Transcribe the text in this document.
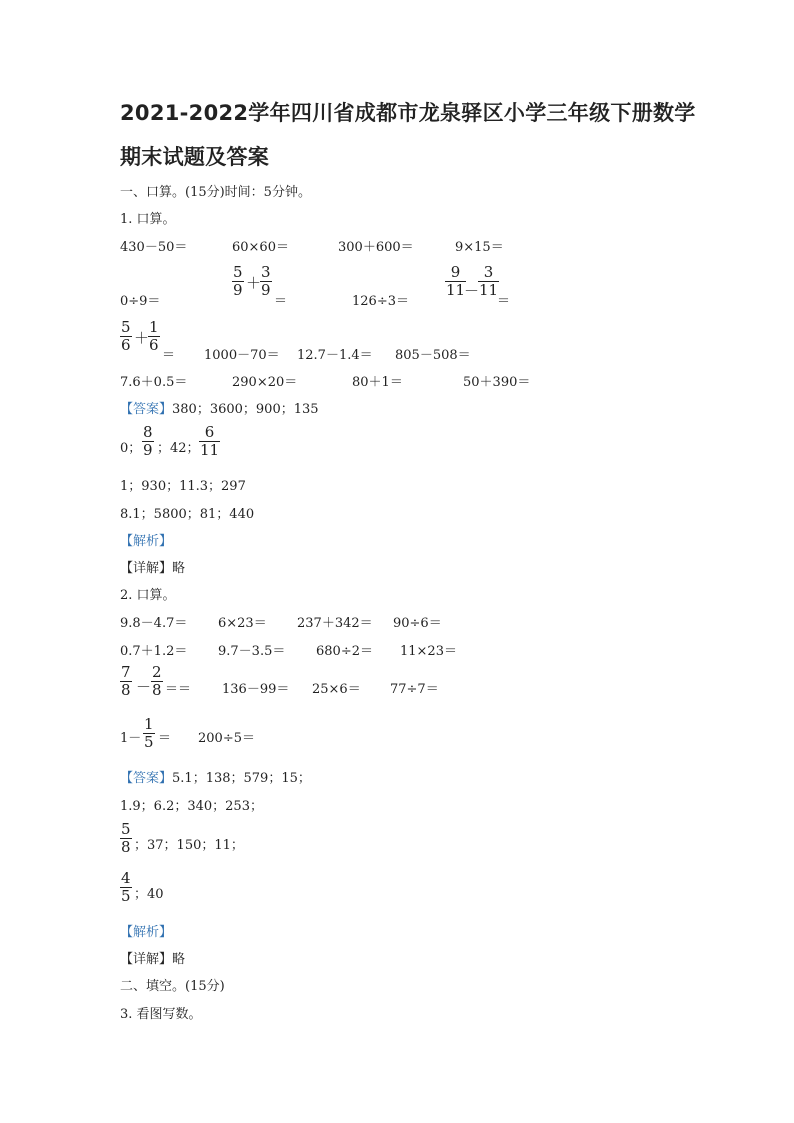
2021-2022学年四川省成都市龙泉驿区小学三年级下册数学
期末试题及答案
一、口算。(15分)时间：5分钟。
1. 口算。
430－50＝	60×60＝	300＋600＝	9×15＝
0÷9＝
$\frac{5}{9}$ ＋
$\frac{3}{9}$
＝	126÷3＝
$\frac{9}{11}$
－
$\frac{3}{11}$
＝
$\frac{5}{6}$ ＋
$\frac{1}{6}$
＝ 1000－70＝ 12.7－1.4＝ 805－508＝
7.6＋0.5＝	290×20＝	80＋1＝	50＋390＝
【答案】380；3600；900；135
0； $\frac{8}{9}$ ；42； $\frac{6}{11}$
1；930；11.3；297
8.1；5800；81；440
【解析】
【详解】略
2. 口算。
9.8－4.7＝ 6×23＝ 237＋342＝ 90÷6＝
0.7＋1.2＝ 9.7－3.5＝ 680÷2＝ 11×23＝
$\frac{7}{8} - \frac{2}{8} == 136-99= 25\times 6= 77\div 7=$
$1- \frac{1}{5} = 200\div 5=$
【答案】5.1；138；579；15；
1.9；6.2；340；253；
$\frac{5}{8}$ ；37；150；11；
$\frac{4}{5}$ ；40
【解析】
【详解】略
二、填空。(15分)
3. 看图写数。
